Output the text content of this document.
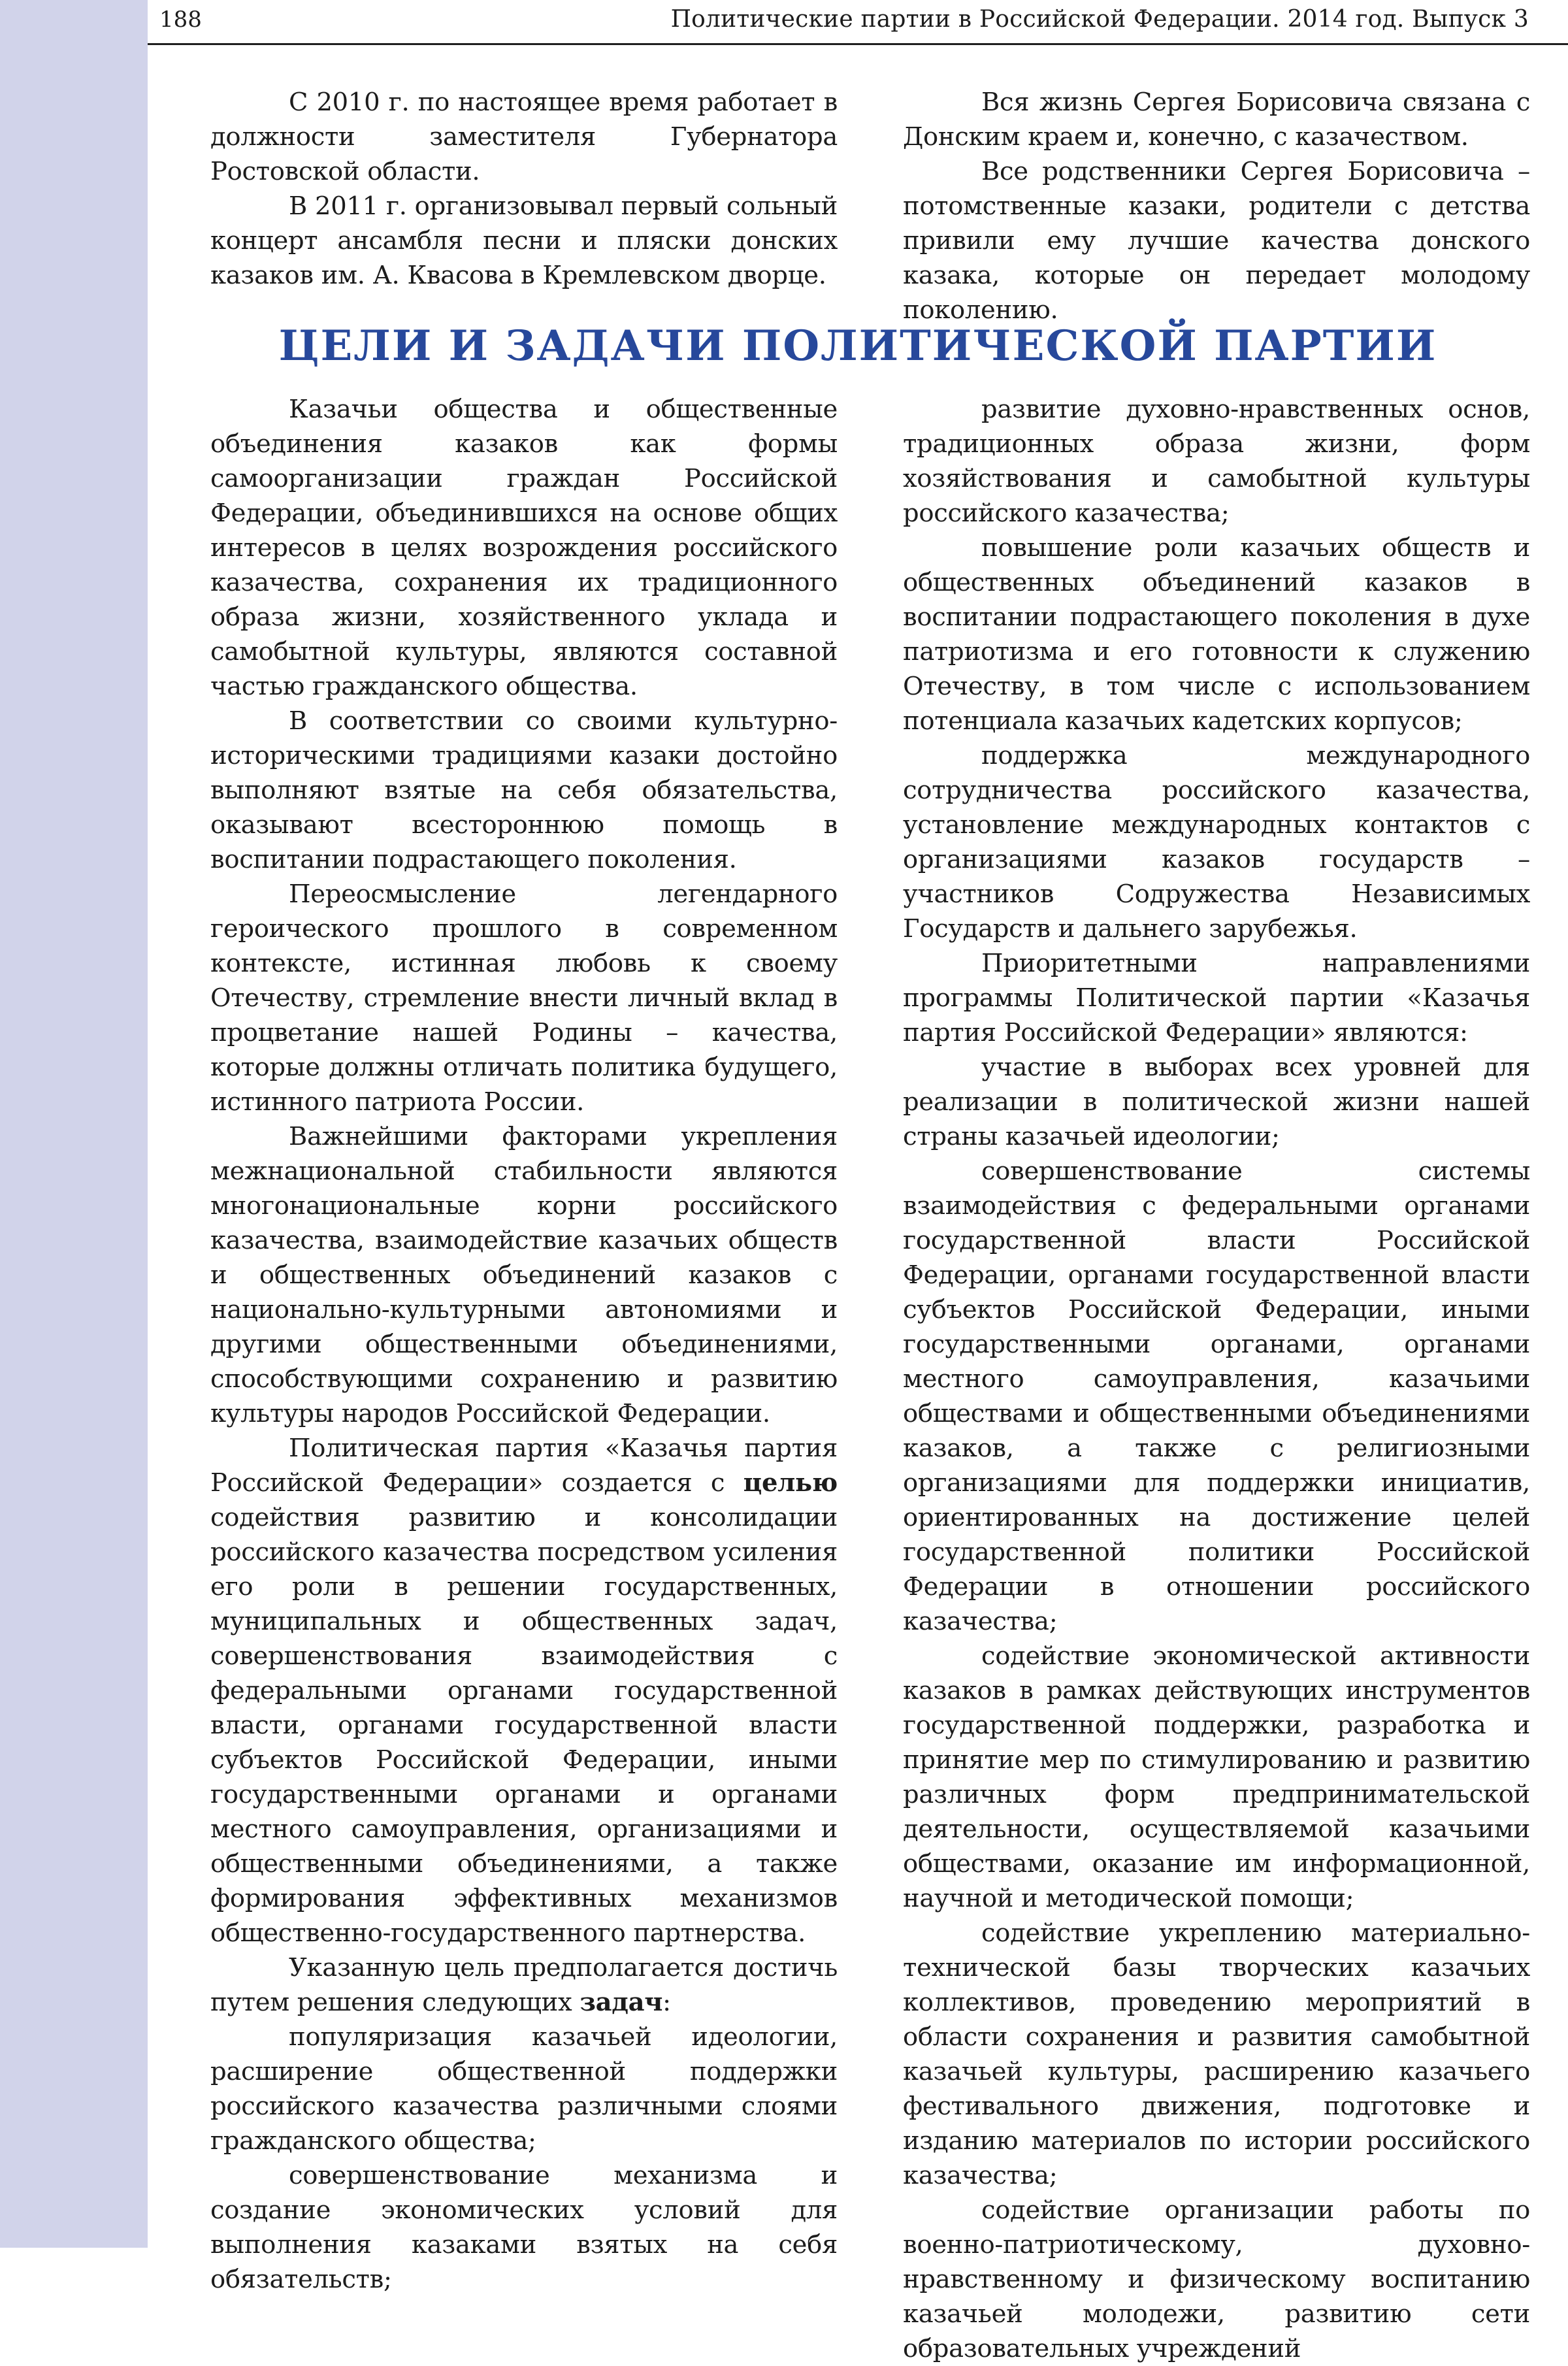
188	Политические партии в Российской Федерации. 2014 год. Выпуск 3

С 2010 г. по настоящее время работает в должности заместителя Губернатора Ростовской области.

В 2011 г. организовывал первый сольный концерт ансамбля песни и пляски донских казаков им. А. Квасова в Кремлевском дворце.

Вся жизнь Сергея Борисовича связана с Донским краем и, конечно, с казачеством.

Все родственники Сергея Борисовича – потомственные казаки, родители с детства привили ему лучшие качества донского казака, которые он передает молодому поколению.

ЦЕЛИ И ЗАДАЧИ ПОЛИТИЧЕСКОЙ ПАРТИИ

Казачьи общества и общественные объединения казаков как формы самоорганизации граждан Российской Федерации, объединившихся на основе общих интересов в целях возрождения российского казачества, сохранения их традиционного образа жизни, хозяйственного уклада и самобытной культуры, являются составной частью гражданского общества.

В соответствии со своими культурно-историческими традициями казаки достойно выполняют взятые на себя обязательства, оказывают всестороннюю помощь в воспитании подрастающего поколения.

Переосмысление легендарного героического прошлого в современном контексте, истинная любовь к своему Отечеству, стремление внести личный вклад в процветание нашей Родины – качества, которые должны отличать политика будущего, истинного патриота России.

Важнейшими факторами укрепления межнациональной стабильности являются многонациональные корни российского казачества, взаимодействие казачьих обществ и общественных объединений казаков с национально-культурными автономиями и другими общественными объединениями, способствующими сохранению и развитию культуры народов Российской Федерации.

Политическая партия «Казачья партия Российской Федерации» создается с целью содействия развитию и консолидации российского казачества посредством усиления его роли в решении государственных, муниципальных и общественных задач, совершенствования взаимодействия с федеральными органами государственной власти, органами государственной власти субъектов Российской Федерации, иными государственными органами и органами местного самоуправления, организациями и общественными объединениями, а также формирования эффективных механизмов общественно-государственного партнерства.

Указанную цель предполагается достичь путем решения следующих задач:

популяризация казачьей идеологии, расширение общественной поддержки российского казачества различными слоями гражданского общества;

совершенствование механизма и создание экономических условий для выполнения казаками взятых на себя обязательств;

развитие духовно-нравственных основ, традиционных образа жизни, форм хозяйствования и самобытной культуры российского казачества;

повышение роли казачьих обществ и общественных объединений казаков в воспитании подрастающего поколения в духе патриотизма и его готовности к служению Отечеству, в том числе с использованием потенциала казачьих кадетских корпусов;

поддержка международного сотрудничества российского казачества, установление международных контактов с организациями казаков государств – участников Содружества Независимых Государств и дальнего зарубежья.

Приоритетными направлениями программы Политической партии «Казачья партия Российской Федерации» являются:

участие в выборах всех уровней для реализации в политической жизни нашей страны казачьей идеологии;

совершенствование системы взаимодействия с федеральными органами государственной власти Российской Федерации, органами государственной власти субъектов Российской Федерации, иными государственными органами, органами местного самоуправления, казачьими обществами и общественными объединениями казаков, а также с религиозными организациями для поддержки инициатив, ориентированных на достижение целей государственной политики Российской Федерации в отношении российского казачества;

содействие экономической активности казаков в рамках действующих инструментов государственной поддержки, разработка и принятие мер по стимулированию и развитию различных форм предпринимательской деятельности, осуществляемой казачьими обществами, оказание им информационной, научной и методической помощи;

содействие укреплению материально-технической базы творческих казачьих коллективов, проведению мероприятий в области сохранения и развития самобытной казачьей культуры, расширению казачьего фестивального движения, подготовке и изданию материалов по истории российского казачества;

содействие организации работы по военно-патриотическому, духовно-нравственному и физическому воспитанию казачьей молодежи, развитию сети образовательных учреждений
